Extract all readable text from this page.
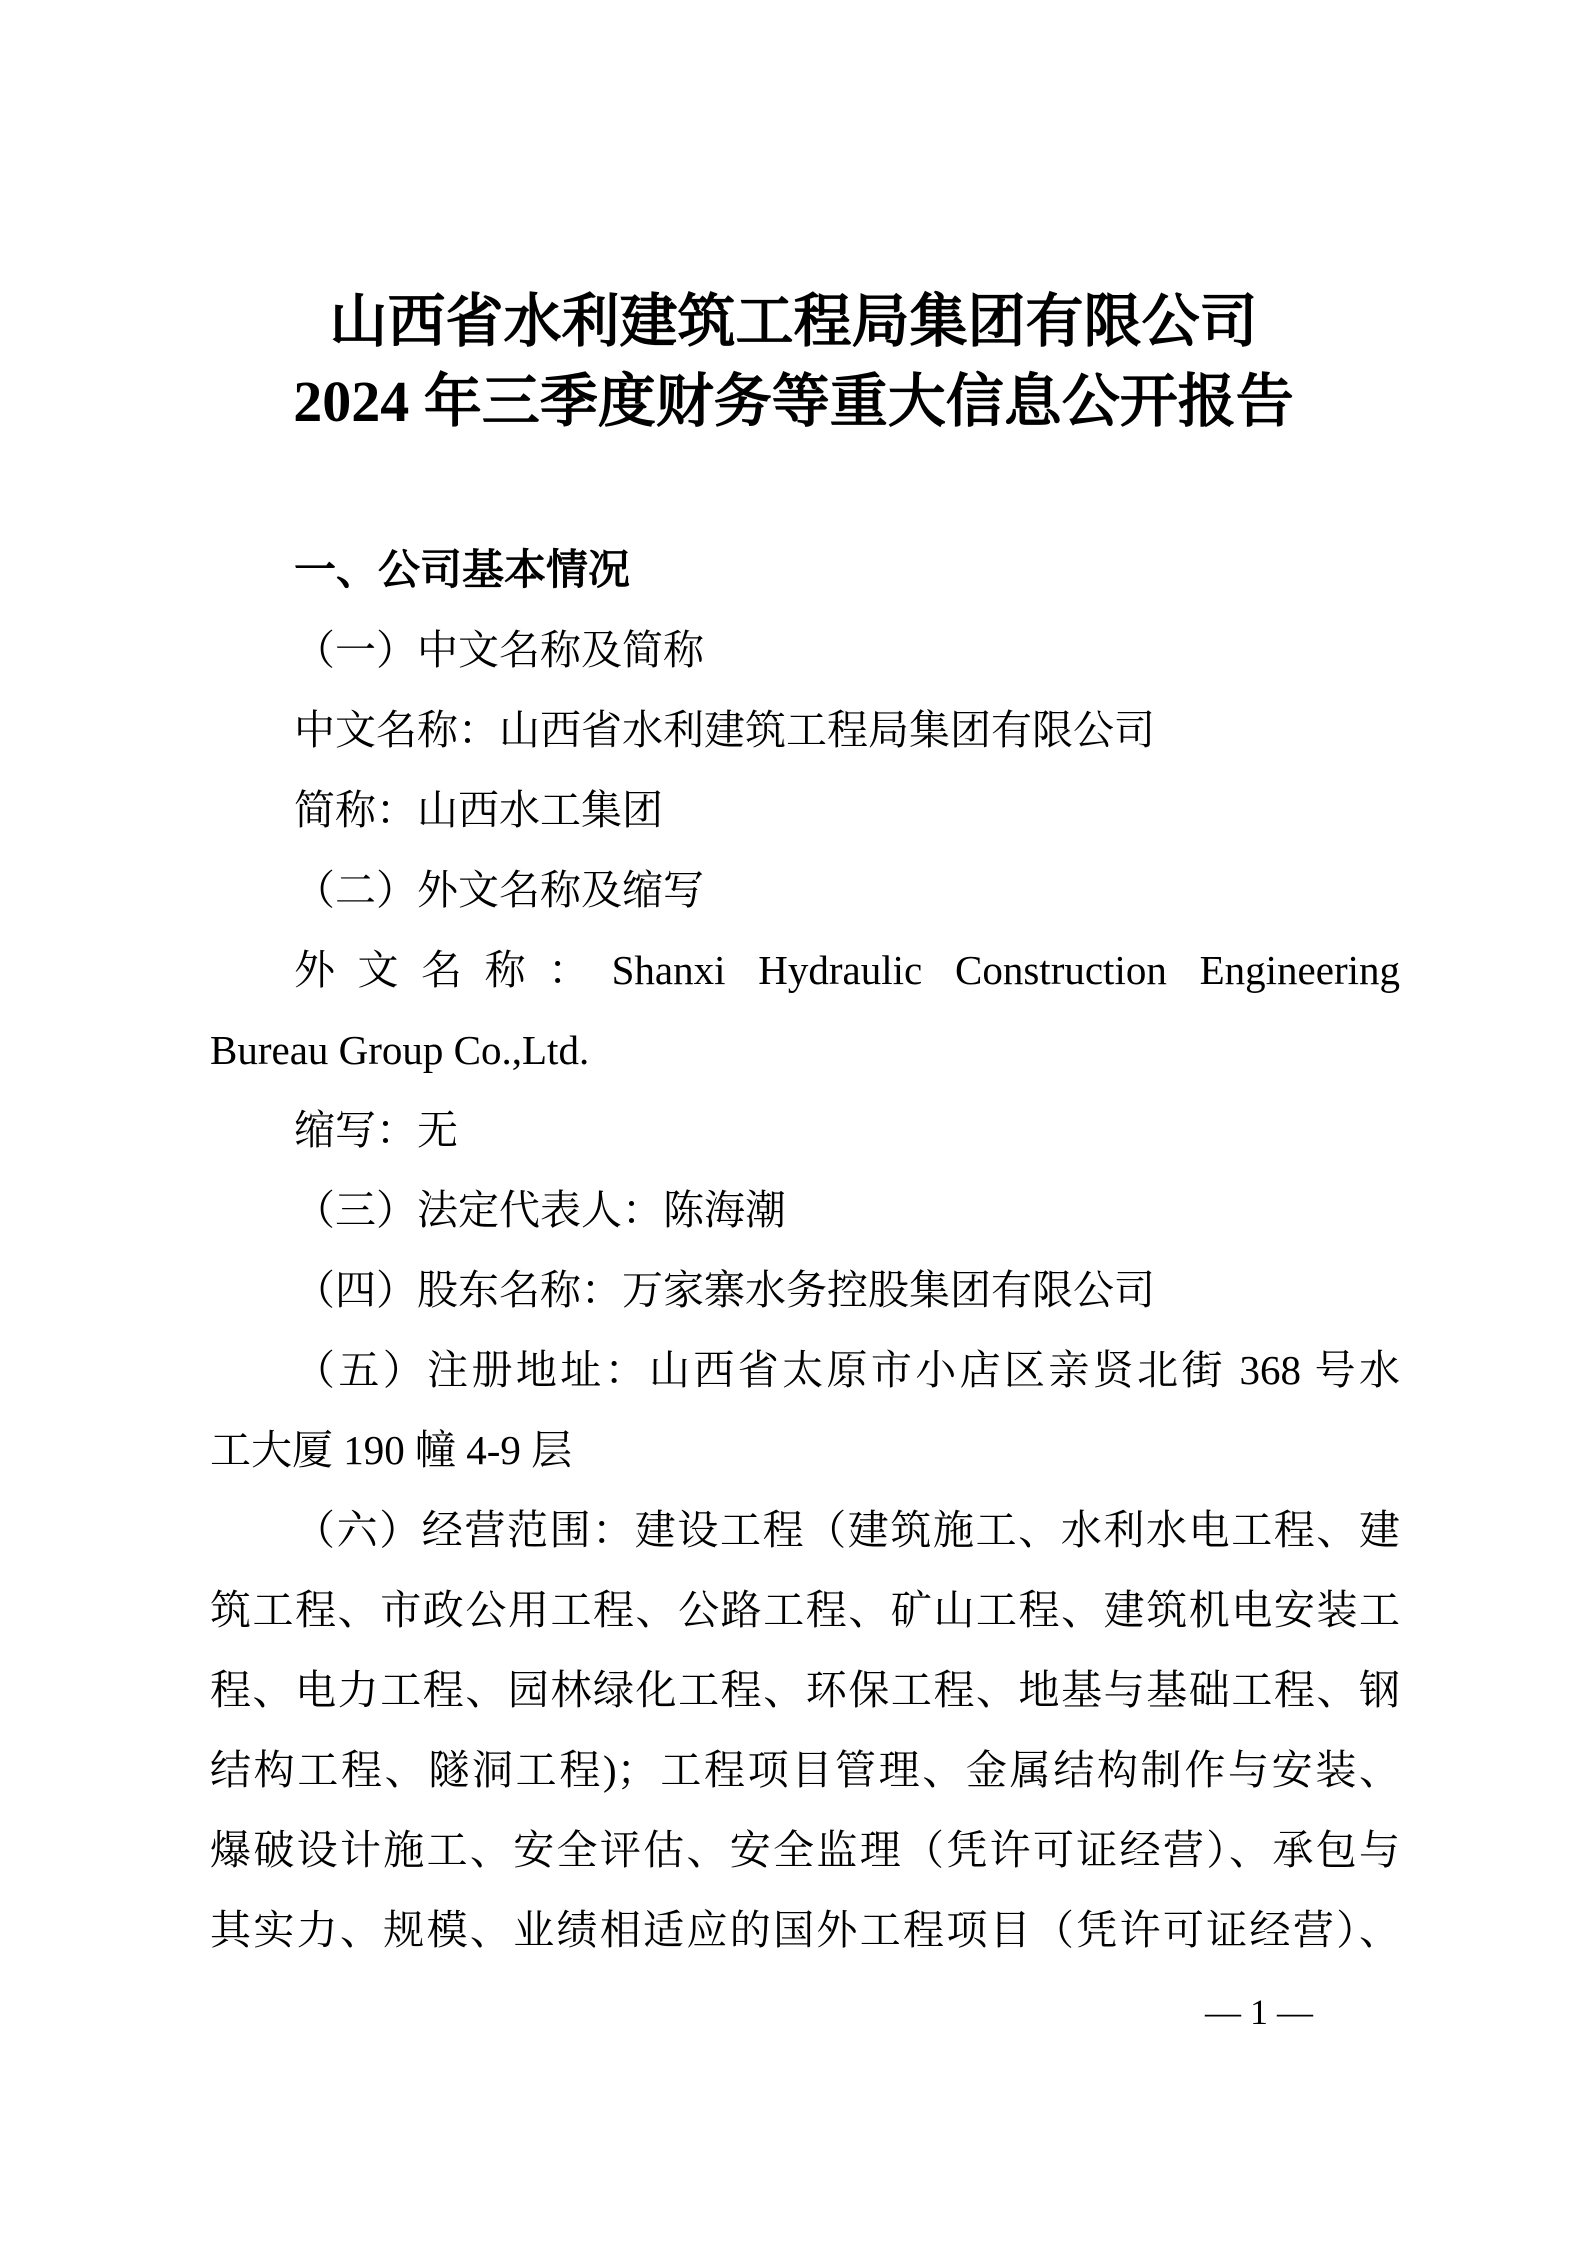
山西省水利建筑工程局集团有限公司
2024 年三季度财务等重大信息公开报告
一、公司基本情况
（一）中文名称及简称
中文名称：山西省水利建筑工程局集团有限公司
简称：山西水工集团
（二）外文名称及缩写
外文名称：Shanxi Hydraulic Construction Engineering
Bureau Group Co.,Ltd.
缩写：无
（三）法定代表人：陈海潮
（四）股东名称：万家寨水务控股集团有限公司
（五）注册地址：山西省太原市小店区亲贤北街 368 号水
工大厦 190 幢 4-9 层
（六）经营范围：建设工程（建筑施工、水利水电工程、建
筑工程、市政公用工程、公路工程、矿山工程、建筑机电安装工
程、电力工程、园林绿化工程、环保工程、地基与基础工程、钢
结构工程、隧洞工程)；工程项目管理、金属结构制作与安装、
爆破设计施工、安全评估、安全监理（凭许可证经营）、承包与
其实力、规模、业绩相适应的国外工程项目（凭许可证经营）、
— 1 —
